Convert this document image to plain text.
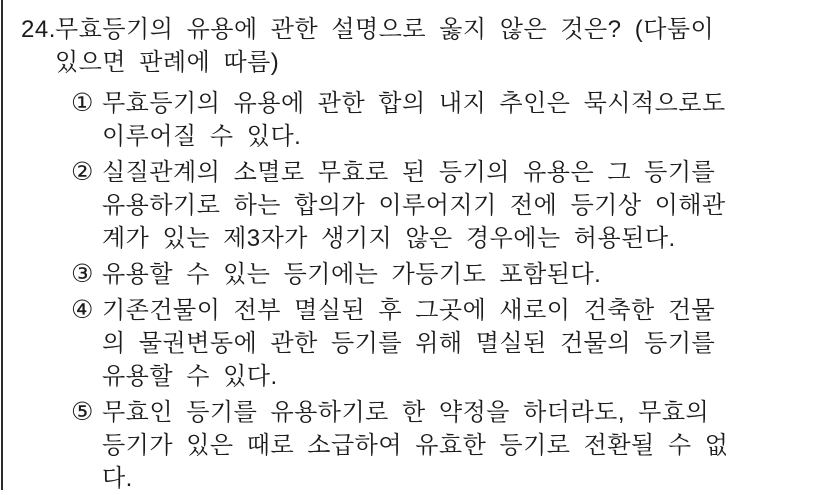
24. 무효등기의 유용에 관한 설명으로 옳지 않은 것은? (다툼이
있으면 판례에 따름)
① 무효등기의 유용에 관한 합의 내지 추인은 묵시적으로도
이루어질 수 있다.
② 실질관계의 소멸로 무효로 된 등기의 유용은 그 등기를
유용하기로 하는 합의가 이루어지기 전에 등기상 이해관
계가 있는 제3자가 생기지 않은 경우에는 허용된다.
③ 유용할 수 있는 등기에는 가등기도 포함된다.
④ 기존건물이 전부 멸실된 후 그곳에 새로이 건축한 건물
의 물권변동에 관한 등기를 위해 멸실된 건물의 등기를
유용할 수 있다.
⑤ 무효인 등기를 유용하기로 한 약정을 하더라도, 무효의
등기가 있은 때로 소급하여 유효한 등기로 전환될 수 없
다.
